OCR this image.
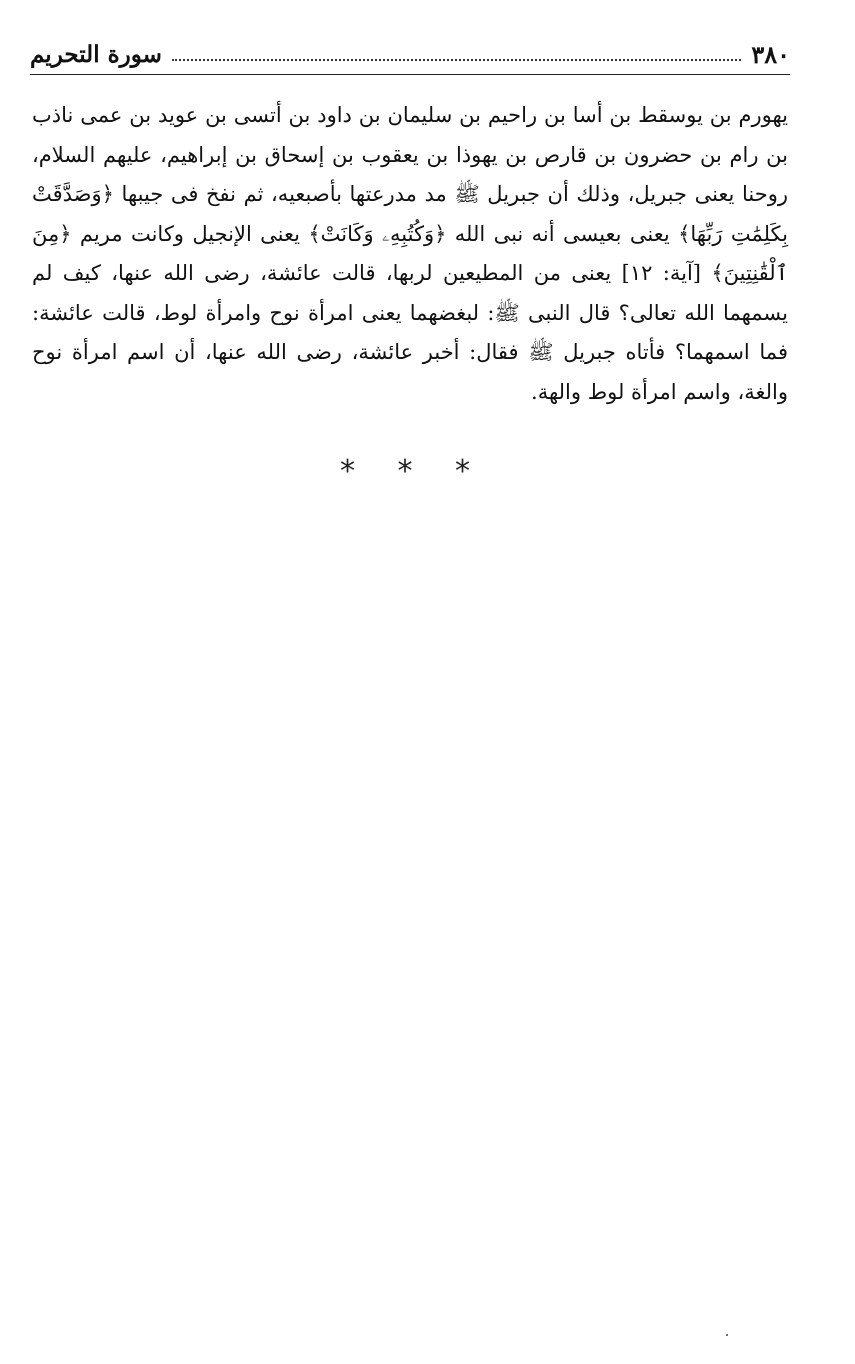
٣٨٠
سورة التحريم
يهورم بن يوسقط بن أسا بن راحيم بن سليمان بن داود بن أتسى بن عويد بن عمى ناذب بن رام بن حضرون بن قارص بن يهوذا بن يعقوب بن إسحاق بن إبراهيم، عليهم السلام، روحنا يعنى جبريل، وذلك أن جبريل ﷺ مد مدرعتها بأصبعيه، ثم نفخ فى جيبها ﴿وَصَدَّقَتْ بِكَلِمَٰتِ رَبِّهَا﴾ يعنى بعيسى أنه نبى الله ﴿وَكُتُبِهِۦ وَكَانَتْ﴾ يعنى الإنجيل وكانت مريم ﴿مِنَ ٱلْقَٰنِتِينَ﴾ [آية: ١٢] يعنى من المطيعين لربها، قالت عائشة، رضى الله عنها، كيف لم يسمهما الله تعالى؟ قال النبى ﷺ: لبغضهما يعنى امرأة نوح وامرأة لوط، قالت عائشة: فما اسمهما؟ فأتاه جبريل ﷺ فقال: أخبر عائشة، رضى الله عنها، أن اسم امرأة نوح والغة، واسم امرأة لوط والهة.
* * *
